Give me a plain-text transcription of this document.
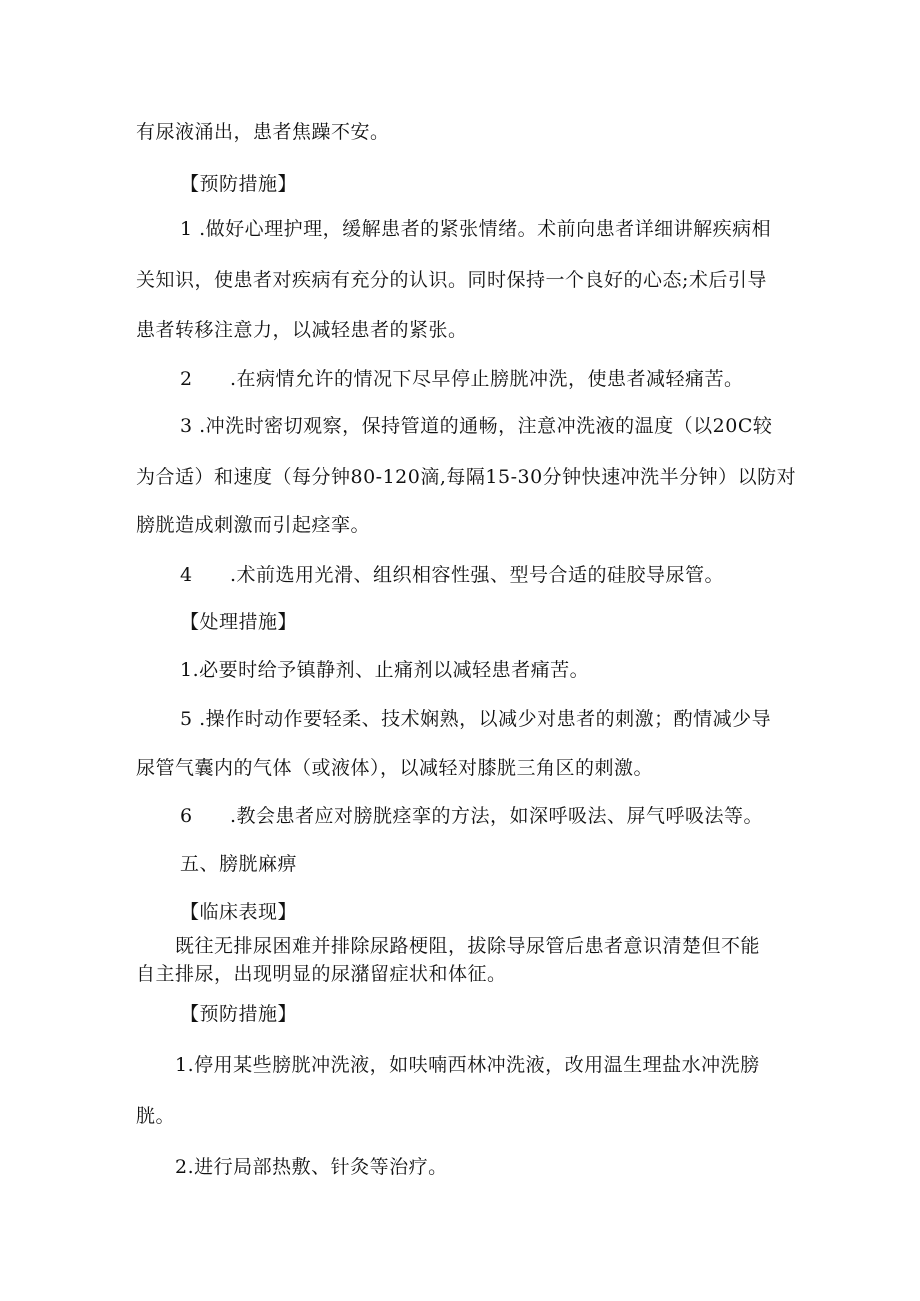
有尿液涌出，患者焦躁不安。
【预防措施】
1 .做好心理护理，缓解患者的紧张情绪。术前向患者详细讲解疾病相
关知识，使患者对疾病有充分的认识。同时保持一个良好的心态;术后引导
患者转移注意力，以减轻患者的紧张。
2 .在病情允许的情况下尽早停止膀胱冲洗，使患者减轻痛苦。
3 .冲洗时密切观察，保持管道的通畅，注意冲洗液的温度（以20C较
为合适）和速度（每分钟80-120滴,每隔15-30分钟快速冲洗半分钟）以防对
膀胱造成刺激而引起痉挛。
4 .术前选用光滑、组织相容性强、型号合适的硅胶导尿管。
【处理措施】
1.必要时给予镇静剂、止痛剂以减轻患者痛苦。
5 .操作时动作要轻柔、技术娴熟，以减少对患者的刺激；酌情减少导
尿管气囊内的气体（或液体），以减轻对膝胱三角区的刺激。
6 .教会患者应对膀胱痉挛的方法，如深呼吸法、屏气呼吸法等。
五、膀胱麻痹
【临床表现】
既往无排尿困难并排除尿路梗阻，拔除导尿管后患者意识清楚但不能
自主排尿，出现明显的尿潴留症状和体征。
【预防措施】
1.停用某些膀胱冲洗液，如呋喃西林冲洗液，改用温生理盐水冲洗膀
胱。
2.进行局部热敷、针灸等治疗。
